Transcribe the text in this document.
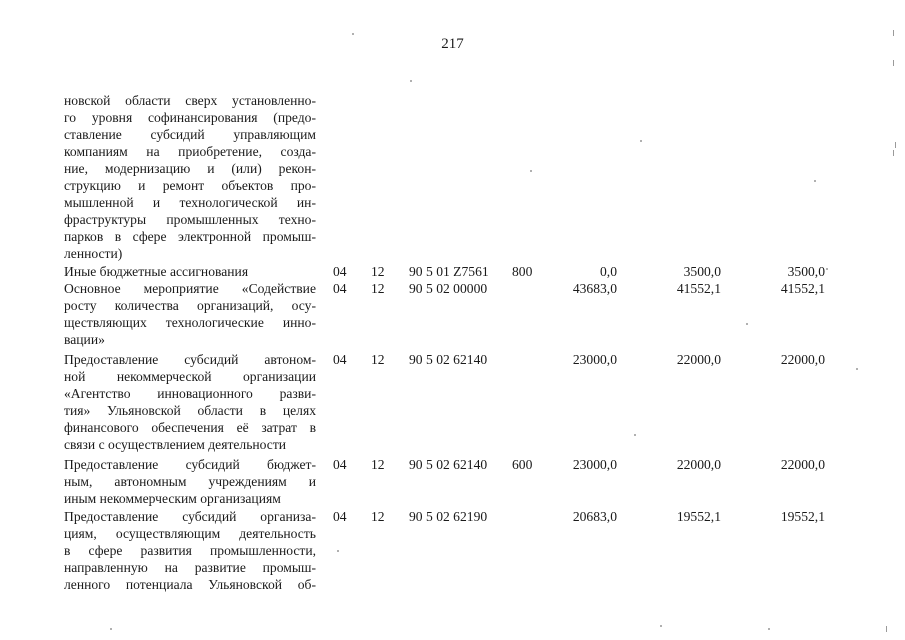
217
новской области сверх установленно-
го уровня софинансирования (предо-
ставление субсидий управляющим
компаниям на приобретение, созда-
ние, модернизацию и (или) рекон-
струкцию и ремонт объектов про-
мышленной и технологической ин-
фраструктуры промышленных техно-
парков в сфере электронной промыш-
ленности)
Иные бюджетные ассигнования	04 12 90 5 01 Z7561 800	0,0	3500,0	3500,0
Основное мероприятие «Содействие
росту количества организаций, осу-
ществляющих технологические инно-
вации»
04 12 90 5 02 00000	43683,0	41552,1	41552,1
Предоставление субсидий автоном-
ной некоммерческой организации
«Агентство инновационного разви-
тия» Ульяновской области в целях
финансового обеспечения её затрат в
связи с осуществлением деятельности
04 12 90 5 02 62140	23000,0	22000,0	22000,0
Предоставление субсидий бюджет-
ным, автономным учреждениям и
иным некоммерческим организациям
04 12 90 5 02 62140 600	23000,0	22000,0	22000,0
Предоставление субсидий организа-
циям, осуществляющим деятельность
в сфере развития промышленности,
направленную на развитие промыш-
ленного потенциала Ульяновской об-
04 12 90 5 02 62190	20683,0	19552,1	19552,1
